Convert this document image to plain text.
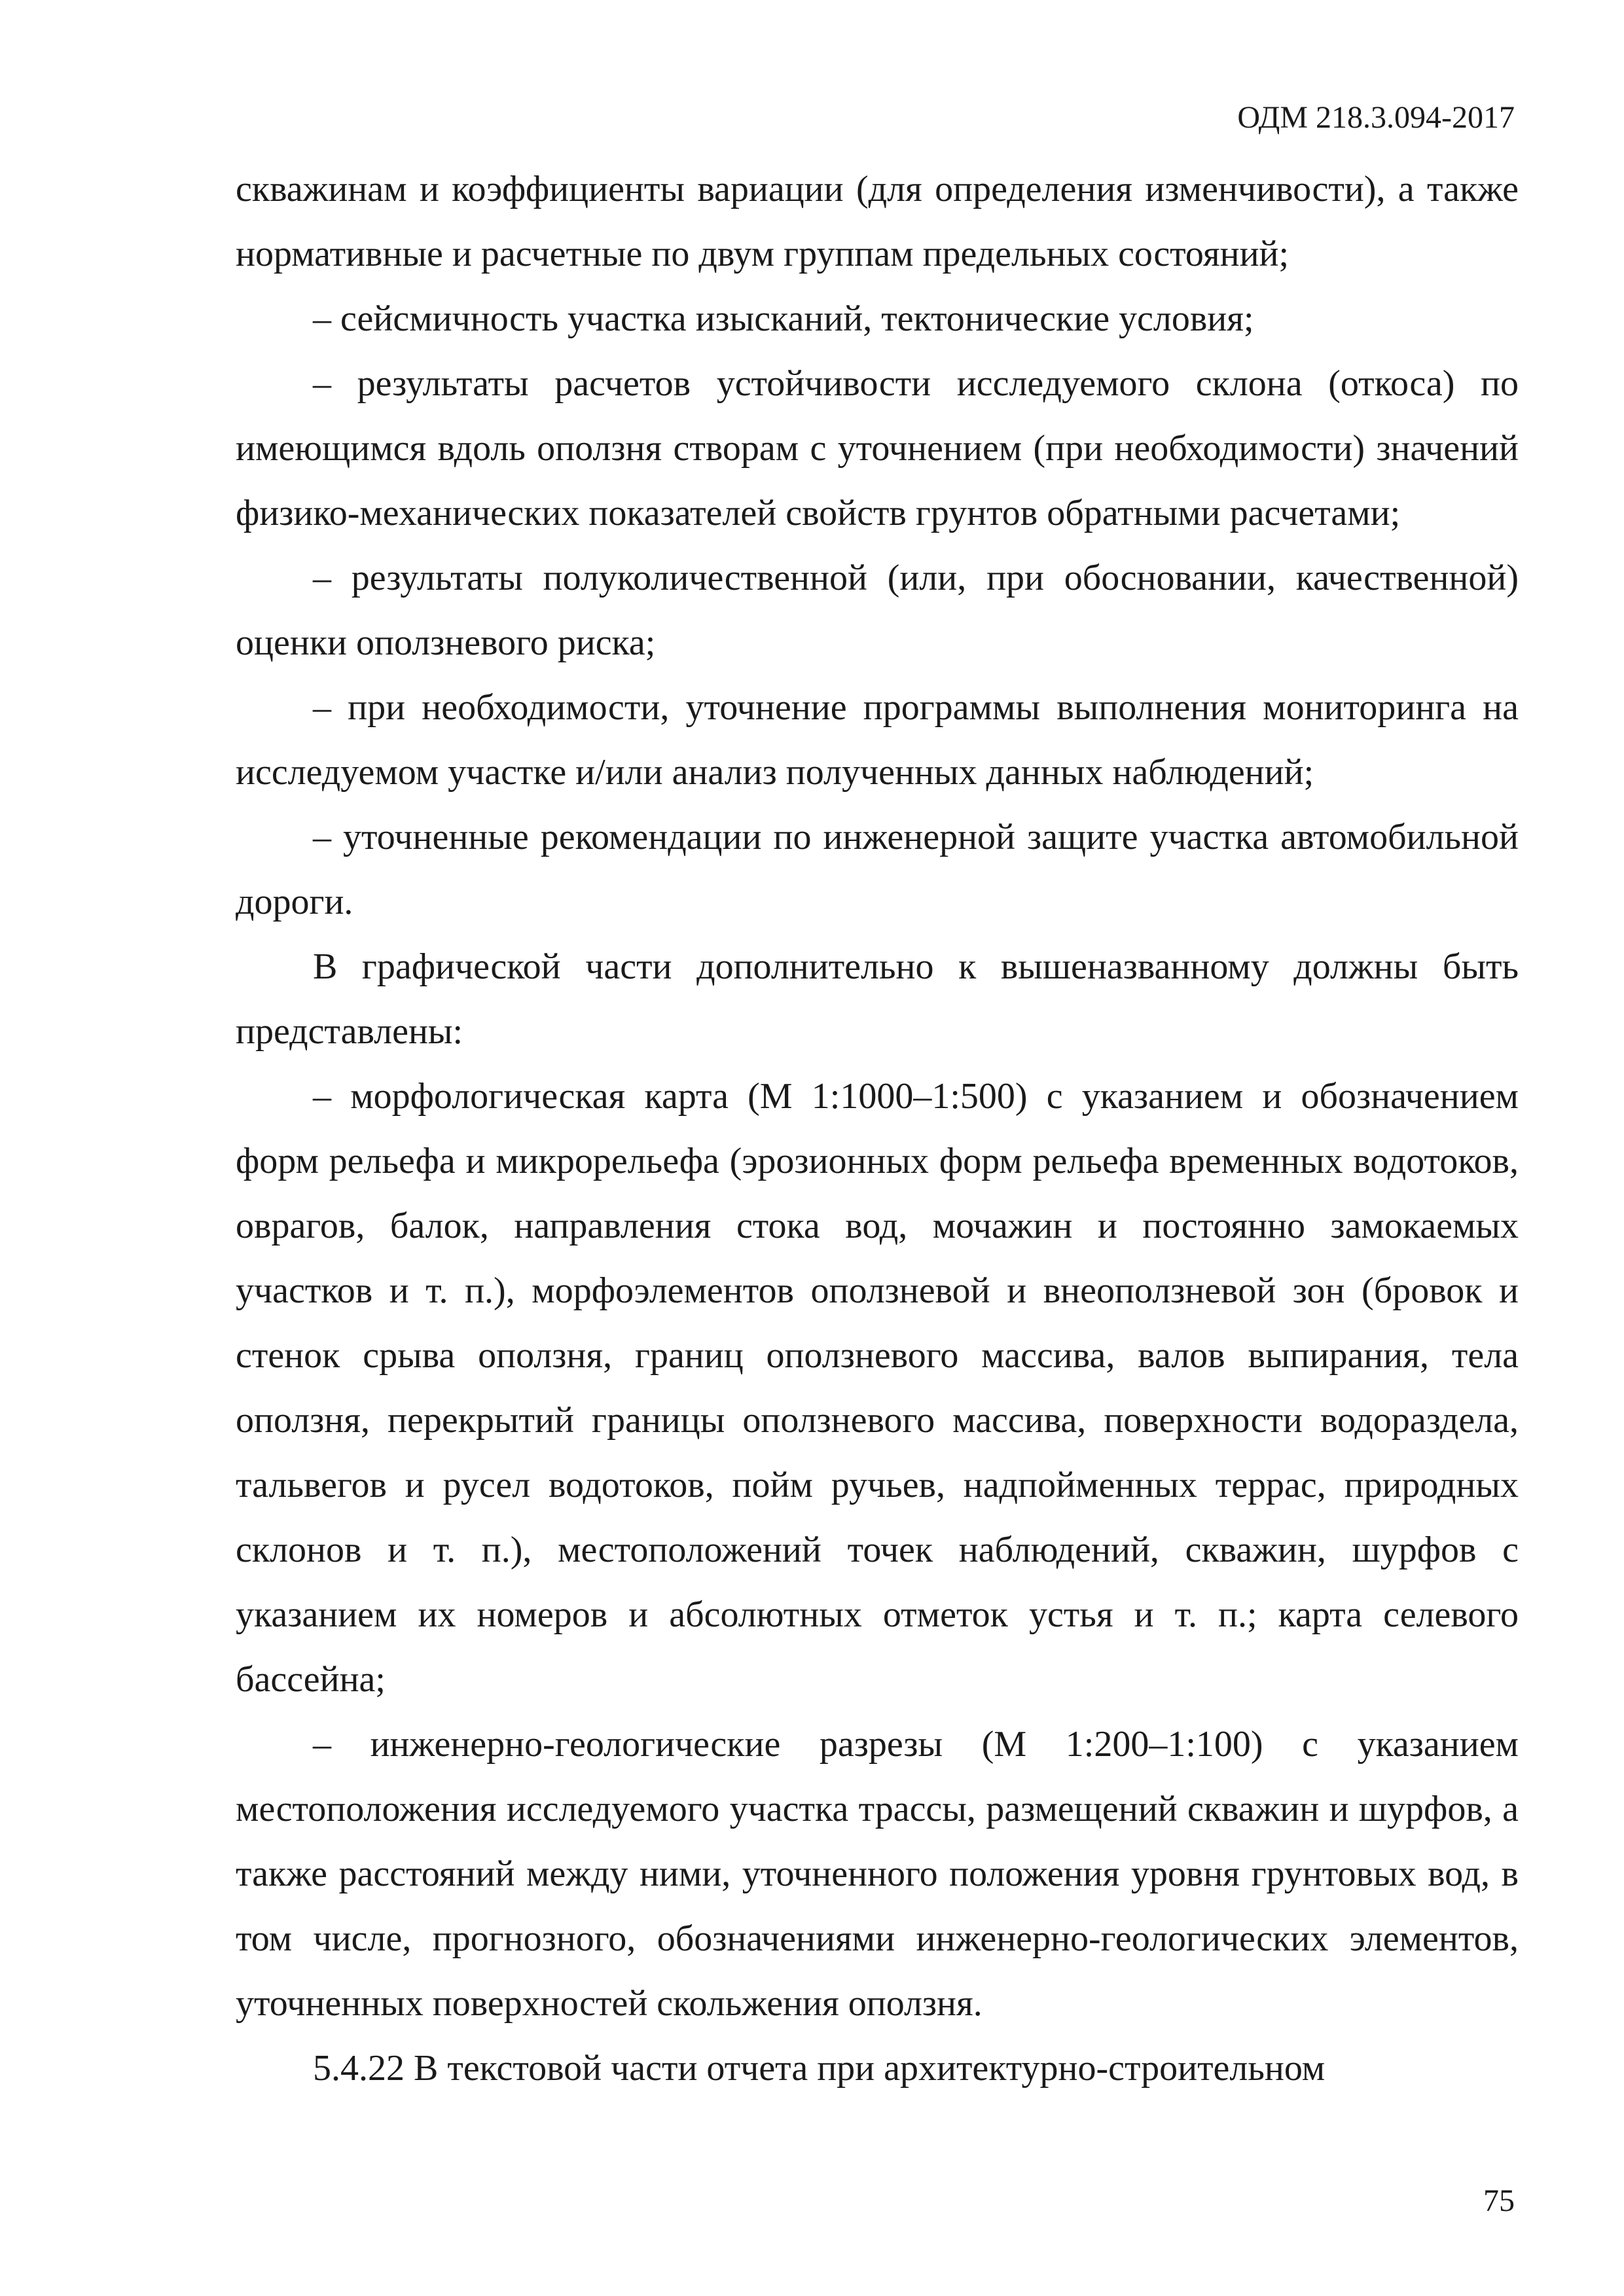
ОДМ 218.3.094-2017

скважинам и коэффициенты вариации (для определения изменчивости), а также нормативные и расчетные по двум группам предельных состояний;

– сейсмичность участка изысканий, тектонические условия;

– результаты расчетов устойчивости исследуемого склона (откоса) по имеющимся вдоль оползня створам с уточнением (при необходимости) значений физико-механических показателей свойств грунтов обратными расчетами;

– результаты полуколичественной (или, при обосновании, качественной) оценки оползневого риска;

– при необходимости, уточнение программы выполнения мониторинга на исследуемом участке и/или анализ полученных данных наблюдений;

– уточненные рекомендации по инженерной защите участка автомобильной дороги.

В графической части дополнительно к вышеназванному должны быть представлены:

– морфологическая карта (М 1:1000–1:500) с указанием и обозначением форм рельефа и микрорельефа (эрозионных форм рельефа временных водотоков, оврагов, балок, направления стока вод, мочажин и постоянно замокаемых участков и т. п.), морфоэлементов оползневой и внеоползневой зон (бровок и стенок срыва оползня, границ оползневого массива, валов выпирания, тела оползня, перекрытий границы оползневого массива, поверхности водораздела, тальвегов и русел водотоков, пойм ручьев, надпойменных террас, природных склонов и т. п.), местоположений точек наблюдений, скважин, шурфов с указанием их номеров и абсолютных отметок устья и т. п.; карта селевого бассейна;

– инженерно-геологические разрезы (М 1:200–1:100) с указанием местоположения исследуемого участка трассы, размещений скважин и шурфов, а также расстояний между ними, уточненного положения уровня грунтовых вод, в том числе, прогнозного, обозначениями инженерно-геологических элементов, уточненных поверхностей скольжения оползня.

5.4.22 В текстовой части отчета при архитектурно-строительном

75
